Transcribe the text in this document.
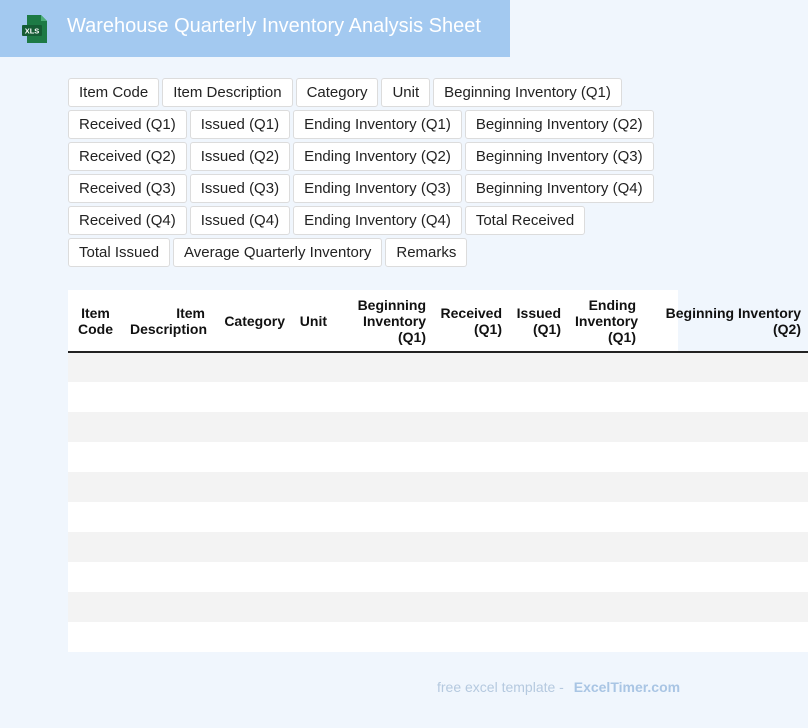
XLS Warehouse Quarterly Inventory Analysis Sheet
Item Code	Item Description	Category	Unit	Beginning Inventory (Q1)
Received (Q1)	Issued (Q1)	Ending Inventory (Q1)	Beginning Inventory (Q2)
Received (Q2)	Issued (Q2)	Ending Inventory (Q2)	Beginning Inventory (Q3)
Received (Q3)	Issued (Q3)	Ending Inventory (Q3)	Beginning Inventory (Q4)
Received (Q4)	Issued (Q4)	Ending Inventory (Q4)	Total Received
Total Issued	Average Quarterly Inventory	Remarks
Item Code	Item Description	Category	Unit	Beginning Inventory (Q1)	Received (Q1)	Issued (Q1)	Ending Inventory (Q1)	Beginning Inventory (Q2)

free excel template - ExcelTimer.com
